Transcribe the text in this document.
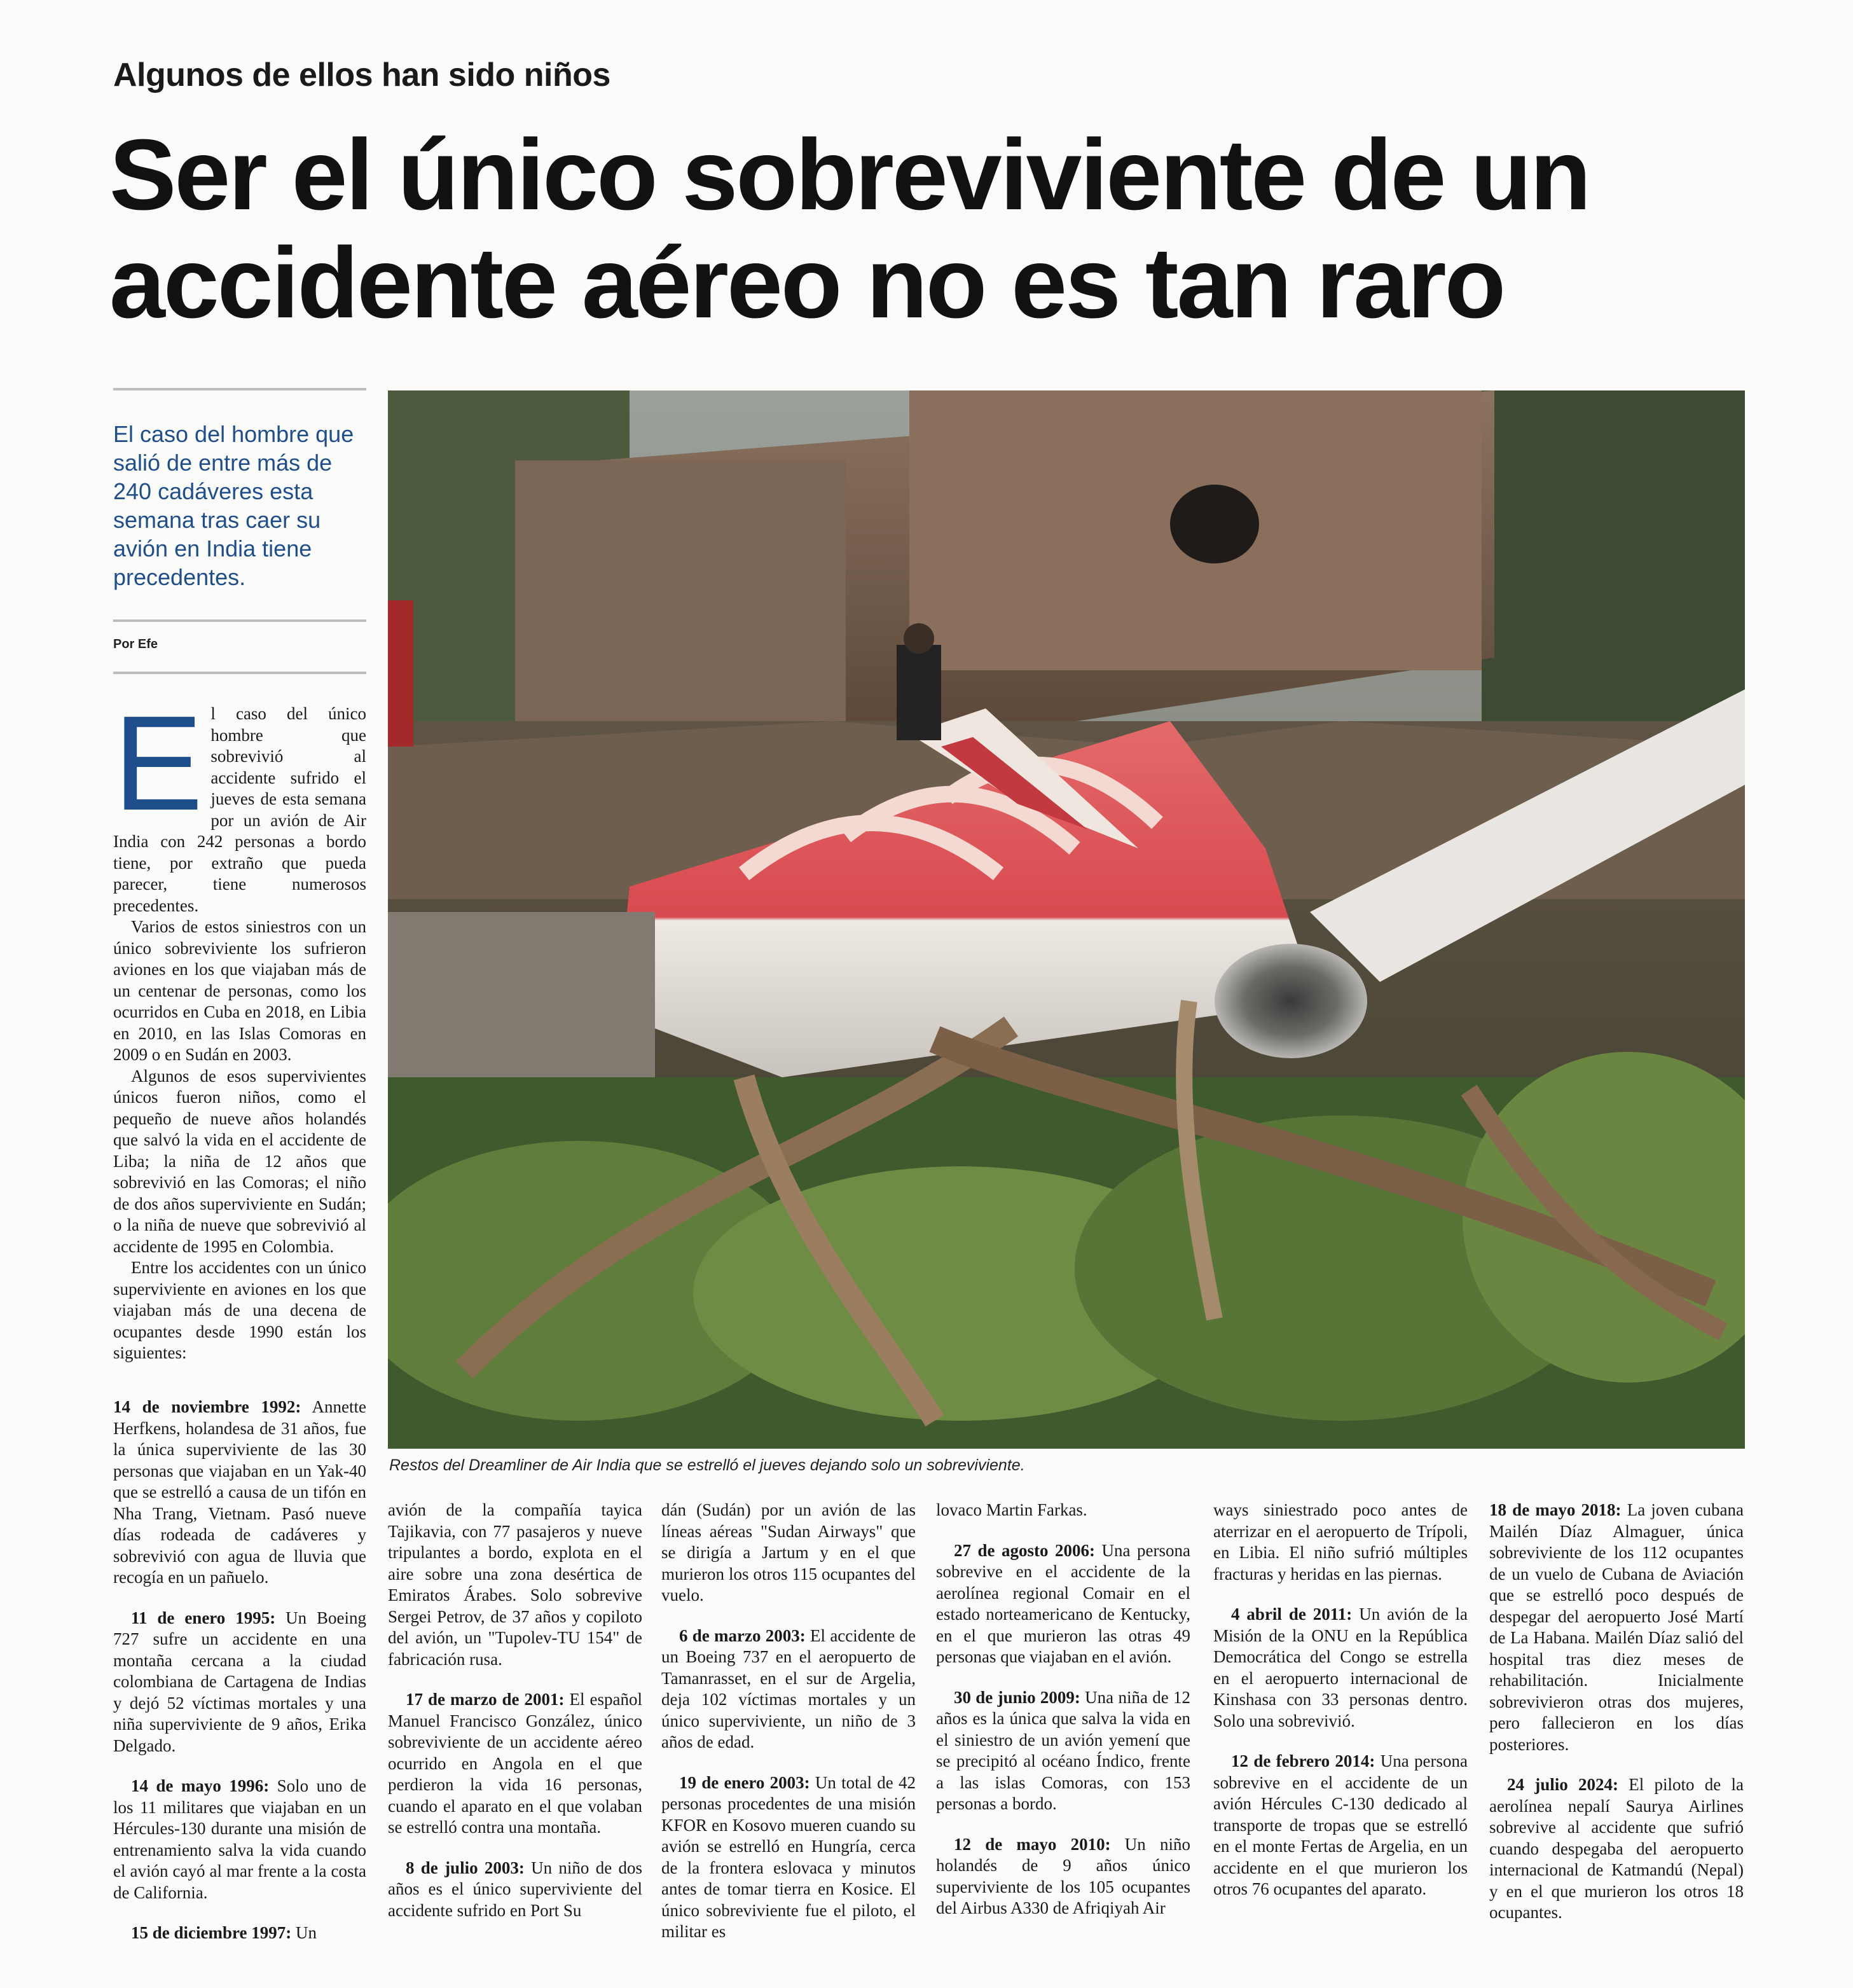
Algunos de ellos han sido niños
Ser el único sobreviviente de un accidente aéreo no es tan raro
El caso del hombre que salió de entre más de 240 cadáveres esta semana tras caer su avión en India tiene precedentes.
Por Efe
Restos del Dreamliner de Air India que se estrelló el jueves dejando solo un sobreviviente.

El caso del único hombre que sobrevivió al accidente sufrido el jueves de esta semana por un avión de Air India con 242 personas a bordo tiene, por extraño que pueda parecer, tiene numerosos precedentes.

Varios de estos siniestros con un único sobreviviente los sufrieron aviones en los que viajaban más de un centenar de personas, como los ocurridos en Cuba en 2018, en Libia en 2010, en las Islas Comoras en 2009 o en Sudán en 2003.

Algunos de esos supervivientes únicos fueron niños, como el pequeño de nueve años holandés que salvó la vida en el accidente de Liba; la niña de 12 años que sobrevivió en las Comoras; el niño de dos años superviviente en Sudán; o la niña de nueve que sobrevivió al accidente de 1995 en Colombia.

Entre los accidentes con un único superviviente en aviones en los que viajaban más de una decena de ocupantes desde 1990 están los siguientes:

14 de noviembre 1992: Annette Herfkens, holandesa de 31 años, fue la única superviviente de las 30 personas que viajaban en un Yak-40 que se estrelló a causa de un tifón en Nha Trang, Vietnam. Pasó nueve días rodeada de cadáveres y sobrevivió con agua de lluvia que recogía en un pañuelo.

11 de enero 1995: Un Boeing 727 sufre un accidente en una montaña cercana a la ciudad colombiana de Cartagena de Indias y dejó 52 víctimas mortales y una niña superviviente de 9 años, Erika Delgado.

14 de mayo 1996: Solo uno de los 11 militares que viajaban en un Hércules-130 durante una misión de entrenamiento salva la vida cuando el avión cayó al mar frente a la costa de California.

15 de diciembre 1997: Un

avión de la compañía tayica Tajikavia, con 77 pasajeros y nueve tripulantes a bordo, explota en el aire sobre una zona desértica de Emiratos Árabes. Solo sobrevive Sergei Petrov, de 37 años y copiloto del avión, un "Tupolev-TU 154" de fabricación rusa.

17 de marzo de 2001: El español Manuel Francisco González, único sobreviviente de un accidente aéreo ocurrido en Angola en el que perdieron la vida 16 personas, cuando el aparato en el que volaban se estrelló contra una montaña.

8 de julio 2003: Un niño de dos años es el único superviviente del accidente sufrido en Port Su

dán (Sudán) por un avión de las líneas aéreas "Sudan Airways" que se dirigía a Jartum y en el que murieron los otros 115 ocupantes del vuelo.

6 de marzo 2003: El accidente de un Boeing 737 en el aeropuerto de Tamanrasset, en el sur de Argelia, deja 102 víctimas mortales y un único superviviente, un niño de 3 años de edad.

19 de enero 2003: Un total de 42 personas procedentes de una misión KFOR en Kosovo mueren cuando su avión se estrelló en Hungría, cerca de la frontera eslovaca y minutos antes de tomar tierra en Kosice. El único sobreviviente fue el piloto, el militar es

lovaco Martin Farkas.

27 de agosto 2006: Una persona sobrevive en el accidente de la aerolínea regional Comair en el estado norteamericano de Kentucky, en el que murieron las otras 49 personas que viajaban en el avión.

30 de junio 2009: Una niña de 12 años es la única que salva la vida en el siniestro de un avión yemení que se precipitó al océano Índico, frente a las islas Comoras, con 153 personas a bordo.

12 de mayo 2010: Un niño holandés de 9 años único superviviente de los 105 ocupantes del Airbus A330 de Afriqiyah Air

ways siniestrado poco antes de aterrizar en el aeropuerto de Trípoli, en Libia. El niño sufrió múltiples fracturas y heridas en las piernas.

4 abril de 2011: Un avión de la Misión de la ONU en la República Democrática del Congo se estrella en el aeropuerto internacional de Kinshasa con 33 personas dentro. Solo una sobrevivió.

12 de febrero 2014: Una persona sobrevive en el accidente de un avión Hércules C-130 dedicado al transporte de tropas que se estrelló en el monte Fertas de Argelia, en un accidente en el que murieron los otros 76 ocupantes del aparato.

18 de mayo 2018: La joven cubana Mailén Díaz Almaguer, única sobreviviente de los 112 ocupantes de un vuelo de Cubana de Aviación que se estrelló poco después de despegar del aeropuerto José Martí de La Habana. Mailén Díaz salió del hospital tras diez meses de rehabilitación. Inicialmente sobrevivieron otras dos mujeres, pero fallecieron en los días posteriores.

24 julio 2024: El piloto de la aerolínea nepalí Saurya Airlines sobrevive al accidente que sufrió cuando despegaba del aeropuerto internacional de Katmandú (Nepal) y en el que murieron los otros 18 ocupantes.
